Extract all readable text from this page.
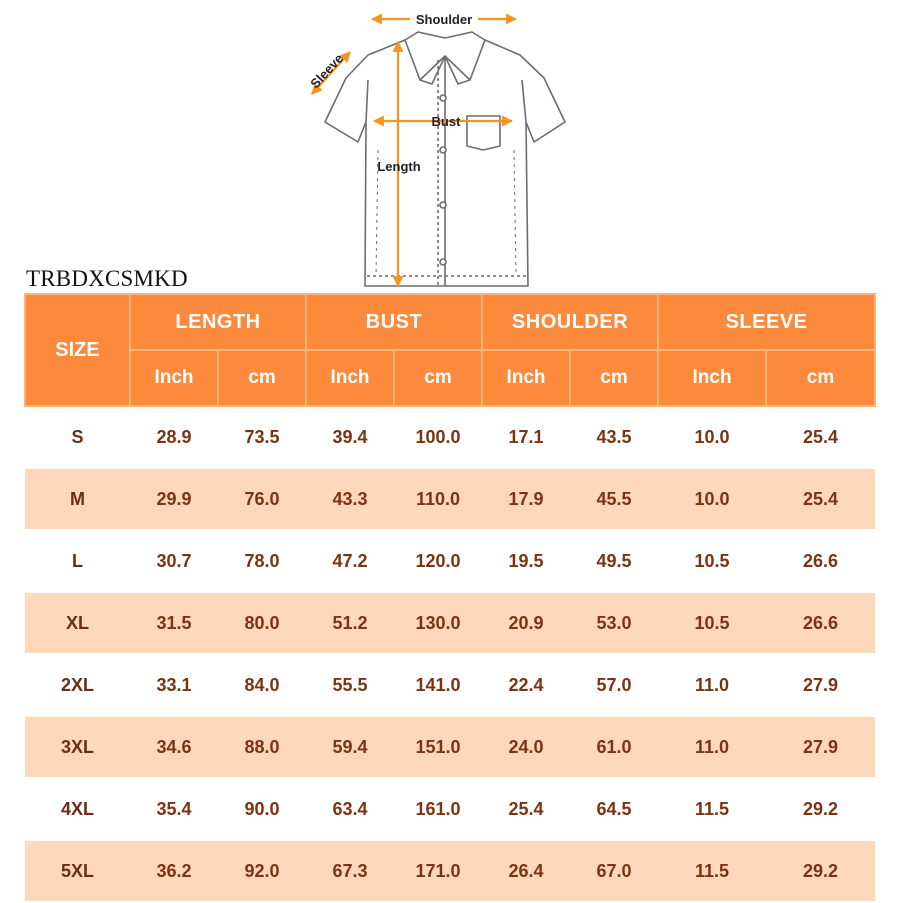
Shoulder
Sleeve
Bust
Length
TRBDXCSMKD
SIZE	LENGTH		BUST		SHOULDER		SLEEVE	
	Inch	cm	Inch	cm	Inch	cm	Inch	cm
S	28.9	73.5	39.4	100.0	17.1	43.5	10.0	25.4
M	29.9	76.0	43.3	110.0	17.9	45.5	10.0	25.4
L	30.7	78.0	47.2	120.0	19.5	49.5	10.5	26.6
XL	31.5	80.0	51.2	130.0	20.9	53.0	10.5	26.6
2XL	33.1	84.0	55.5	141.0	22.4	57.0	11.0	27.9
3XL	34.6	88.0	59.4	151.0	24.0	61.0	11.0	27.9
4XL	35.4	90.0	63.4	161.0	25.4	64.5	11.5	29.2
5XL	36.2	92.0	67.3	171.0	26.4	67.0	11.5	29.2
